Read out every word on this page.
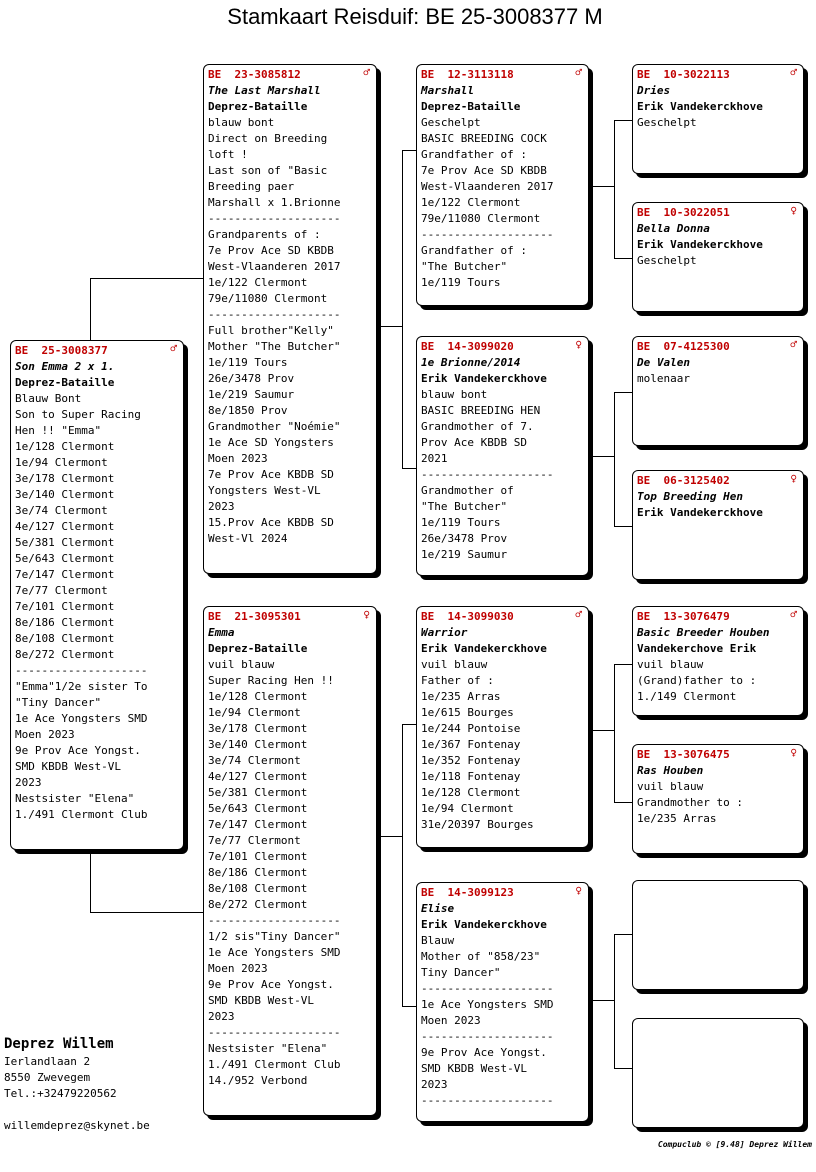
Stamkaart Reisduif: BE 25-3008377 M
BE  25-3008377	♂
Son Emma 2 x 1.
Deprez-Bataille
Blauw Bont
Son to Super Racing
Hen !! "Emma"
1e/128 Clermont
1e/94 Clermont
3e/178 Clermont
3e/140 Clermont
3e/74 Clermont
4e/127 Clermont
5e/381 Clermont
5e/643 Clermont
7e/147 Clermont
7e/77 Clermont
7e/101 Clermont
8e/186 Clermont
8e/108 Clermont
8e/272 Clermont
--------------------
"Emma"1/2e sister To
"Tiny Dancer"
1e Ace Yongsters SMD
Moen 2023
9e Prov Ace Yongst.
SMD KBDB West-VL
2023
Nestsister "Elena"
1./491 Clermont Club
BE  23-3085812	♂
The Last Marshall
Deprez-Bataille
blauw bont
Direct on Breeding
loft !
Last son of "Basic
Breeding paer
Marshall x 1.Brionne
--------------------
Grandparents of :
7e Prov Ace SD KBDB
West-Vlaanderen 2017
1e/122 Clermont
79e/11080 Clermont
--------------------
Full brother"Kelly"
Mother "The Butcher"
1e/119 Tours
26e/3478 Prov
1e/219 Saumur
8e/1850 Prov
Grandmother "Noémie"
1e Ace SD Yongsters
Moen 2023
7e Prov Ace KBDB SD
Yongsters West-VL
2023
15.Prov Ace KBDB SD
West-Vl 2024
BE  21-3095301	♀
Emma
Deprez-Bataille
vuil blauw
Super Racing Hen !!
1e/128 Clermont
1e/94 Clermont
3e/178 Clermont
3e/140 Clermont
3e/74 Clermont
4e/127 Clermont
5e/381 Clermont
5e/643 Clermont
7e/147 Clermont
7e/77 Clermont
7e/101 Clermont
8e/186 Clermont
8e/108 Clermont
8e/272 Clermont
--------------------
1/2 sis"Tiny Dancer"
1e Ace Yongsters SMD
Moen 2023
9e Prov Ace Yongst.
SMD KBDB West-VL
2023
--------------------
Nestsister "Elena"
1./491 Clermont Club
14./952 Verbond
BE  12-3113118	♂
Marshall
Deprez-Bataille
Geschelpt
BASIC BREEDING COCK
Grandfather of :
7e Prov Ace SD KBDB
West-Vlaanderen 2017
1e/122 Clermont
79e/11080 Clermont
--------------------
Grandfather of :
"The Butcher"
1e/119 Tours
BE  14-3099020	♀
1e Brionne/2014
Erik Vandekerckhove
blauw bont
BASIC BREEDING HEN
Grandmother of 7.
Prov Ace KBDB SD
2021
--------------------
Grandmother of
"The Butcher"
1e/119 Tours
26e/3478 Prov
1e/219 Saumur
BE  14-3099030	♂
Warrior
Erik Vandekerckhove
vuil blauw
Father of :
1e/235 Arras
1e/615 Bourges
1e/244 Pontoise
1e/367 Fontenay
1e/352 Fontenay
1e/118 Fontenay
1e/128 Clermont
1e/94 Clermont
31e/20397 Bourges
BE  14-3099123	♀
Elise
Erik Vandekerckhove
Blauw
Mother of "858/23"
Tiny Dancer"
--------------------
1e Ace Yongsters SMD
Moen 2023
--------------------
9e Prov Ace Yongst.
SMD KBDB West-VL
2023
--------------------
BE  10-3022113	♂
Dries
Erik Vandekerckhove
Geschelpt
BE  10-3022051	♀
Bella Donna
Erik Vandekerckhove
Geschelpt
BE  07-4125300	♂
De Valen
molenaar
BE  06-3125402	♀
Top Breeding Hen
Erik Vandekerckhove
BE  13-3076479	♂
Basic Breeder Houben
Vandekerchove Erik
vuil blauw
(Grand)father to :
1./149 Clermont
BE  13-3076475	♀
Ras Houben
vuil blauw
Grandmother to :
1e/235 Arras
Deprez Willem
Ierlandlaan 2
8550 Zwevegem
Tel.:+32479220562
willemdeprez@skynet.be
Compuclub © [9.48] Deprez Willem
